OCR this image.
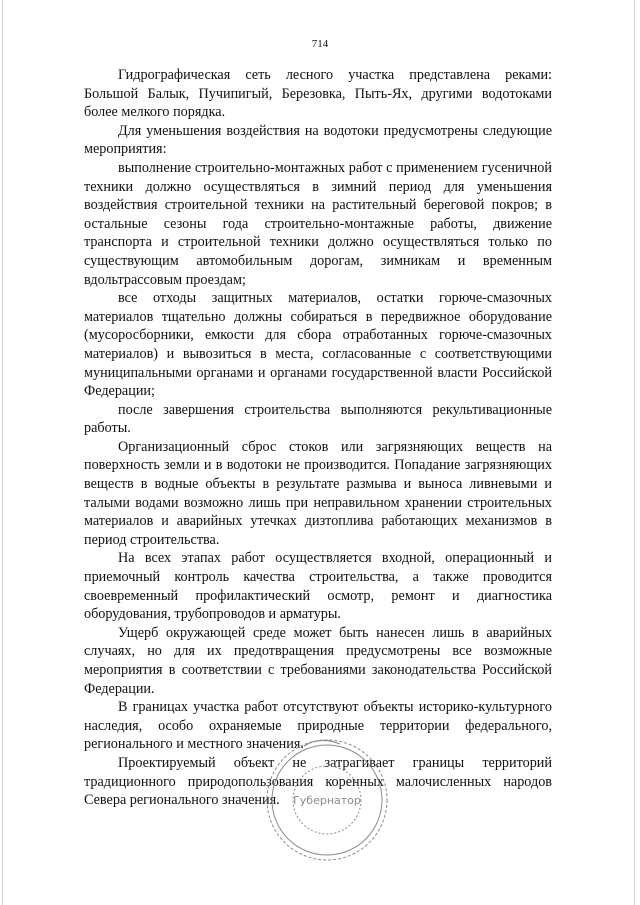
714

Гидрографическая сеть лесного участка представлена реками: Большой Балык, Пучипигый, Березовка, Пыть-Ях, другими водотоками более мелкого порядка.

Для уменьшения воздействия на водотоки предусмотрены следующие мероприятия:

выполнение строительно-монтажных работ с применением гусеничной техники должно осуществляться в зимний период для уменьшения воздействия строительной техники на растительный береговой покров; в остальные сезоны года строительно-монтажные работы, движение транспорта и строительной техники должно осуществляться только по существующим автомобильным дорогам, зимникам и временным вдольтрассовым проездам;

все отходы защитных материалов, остатки горюче-смазочных материалов тщательно должны собираться в передвижное оборудование (мусоросборники, емкости для сбора отработанных горюче-смазочных материалов) и вывозиться в места, согласованные с соответствующими муниципальными органами и органами государственной власти Российской Федерации;

после завершения строительства выполняются рекультивационные работы.

Организационный сброс стоков или загрязняющих веществ на поверхность земли и в водотоки не производится. Попадание загрязняющих веществ в водные объекты в результате размыва и выноса ливневыми и талыми водами возможно лишь при неправильном хранении строительных материалов и аварийных утечках дизтоплива работающих механизмов в период строительства.

На всех этапах работ осуществляется входной, операционный и приемочный контроль качества строительства, а также проводится своевременный профилактический осмотр, ремонт и диагностика оборудования, трубопроводов и арматуры.

Ущерб окружающей среде может быть нанесен лишь в аварийных случаях, но для их предотвращения предусмотрены все возможные мероприятия в соответствии с требованиями законодательства Российской Федерации.

В границах участка работ отсутствуют объекты историко-культурного наследия, особо охраняемые природные территории федерального, регионального и местного значения.

Проектируемый объект не затрагивает границы территорий традиционного природопользования коренных малочисленных народов Севера регионального значения.	Губернатор
